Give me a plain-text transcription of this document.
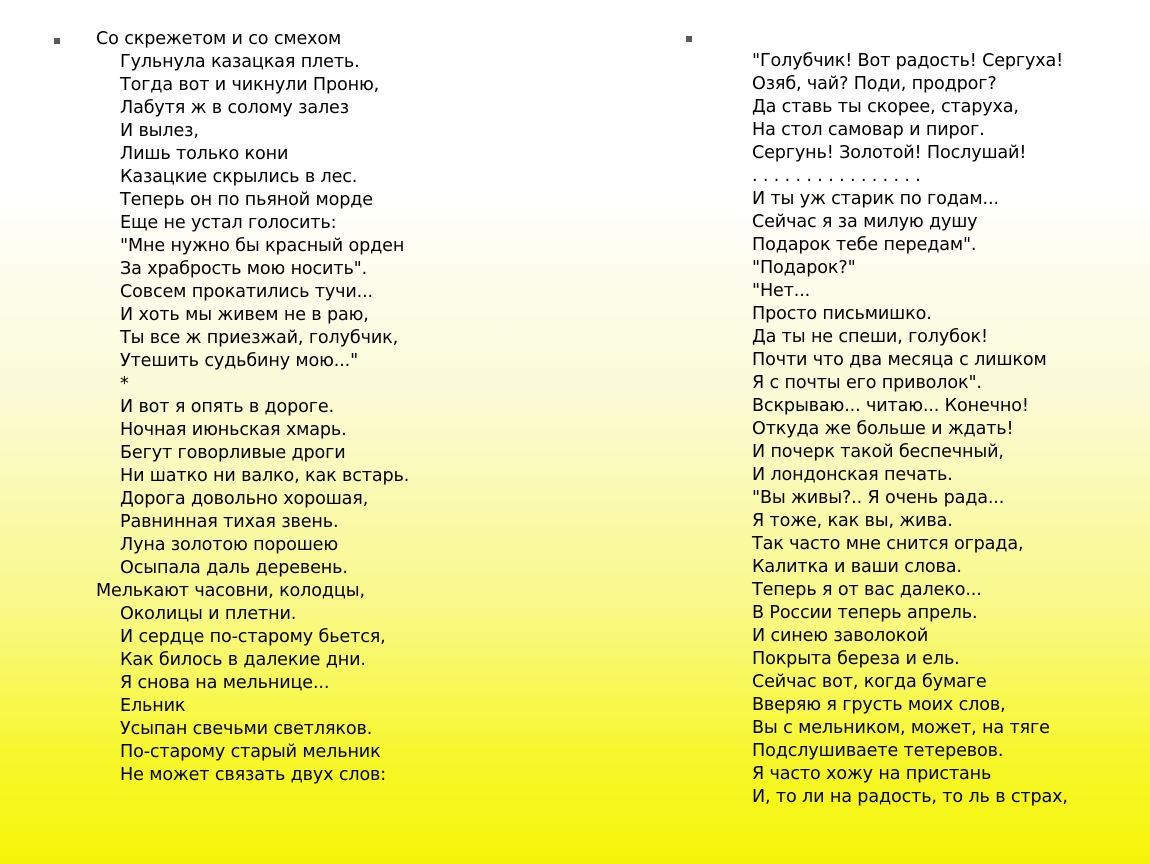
Со скрежетом и со смехом
Гульнула казацкая плеть.
Тогда вот и чикнули Проню,
Лабутя ж в солому залез
И вылез,
Лишь только кони
Казацкие скрылись в лес.
Теперь он по пьяной морде
Еще не устал голосить:
"Мне нужно бы красный орден
За храбрость мою носить".
Совсем прокатились тучи...
И хоть мы живем не в раю,
Ты все ж приезжай, голубчик,
Утешить судьбину мою..."
*
И вот я опять в дороге.
Ночная июньская хмарь.
Бегут говорливые дроги
Ни шатко ни валко, как встарь.
Дорога довольно хорошая,
Равнинная тихая звень.
Луна золотою порошею
Осыпала даль деревень.
Мелькают часовни, колодцы,
Околицы и плетни.
И сердце по-старому бьется,
Как билось в далекие дни.
Я снова на мельнице...
Ельник
Усыпан свечьми светляков.
По-старому старый мельник
Не может связать двух слов:
"Голубчик! Вот радость! Сергуха!
Озяб, чай? Поди, продрог?
Да ставь ты скорее, старуха,
На стол самовар и пирог.
Сергунь! Золотой! Послушай!
. . . . . . . . . . . . . . . .
И ты уж старик по годам...
Сейчас я за милую душу
Подарок тебе передам".
"Подарок?"
"Нет...
Просто письмишко.
Да ты не спеши, голубок!
Почти что два месяца с лишком
Я с почты его приволок".
Вскрываю... читаю... Конечно!
Откуда же больше и ждать!
И почерк такой беспечный,
И лондонская печать.
"Вы живы?.. Я очень рада...
Я тоже, как вы, жива.
Так часто мне снится ограда,
Калитка и ваши слова.
Теперь я от вас далеко...
В России теперь апрель.
И синею заволокой
Покрыта береза и ель.
Сейчас вот, когда бумаге
Вверяю я грусть моих слов,
Вы с мельником, может, на тяге
Подслушиваете тетеревов.
Я часто хожу на пристань
И, то ли на радость, то ль в страх,
